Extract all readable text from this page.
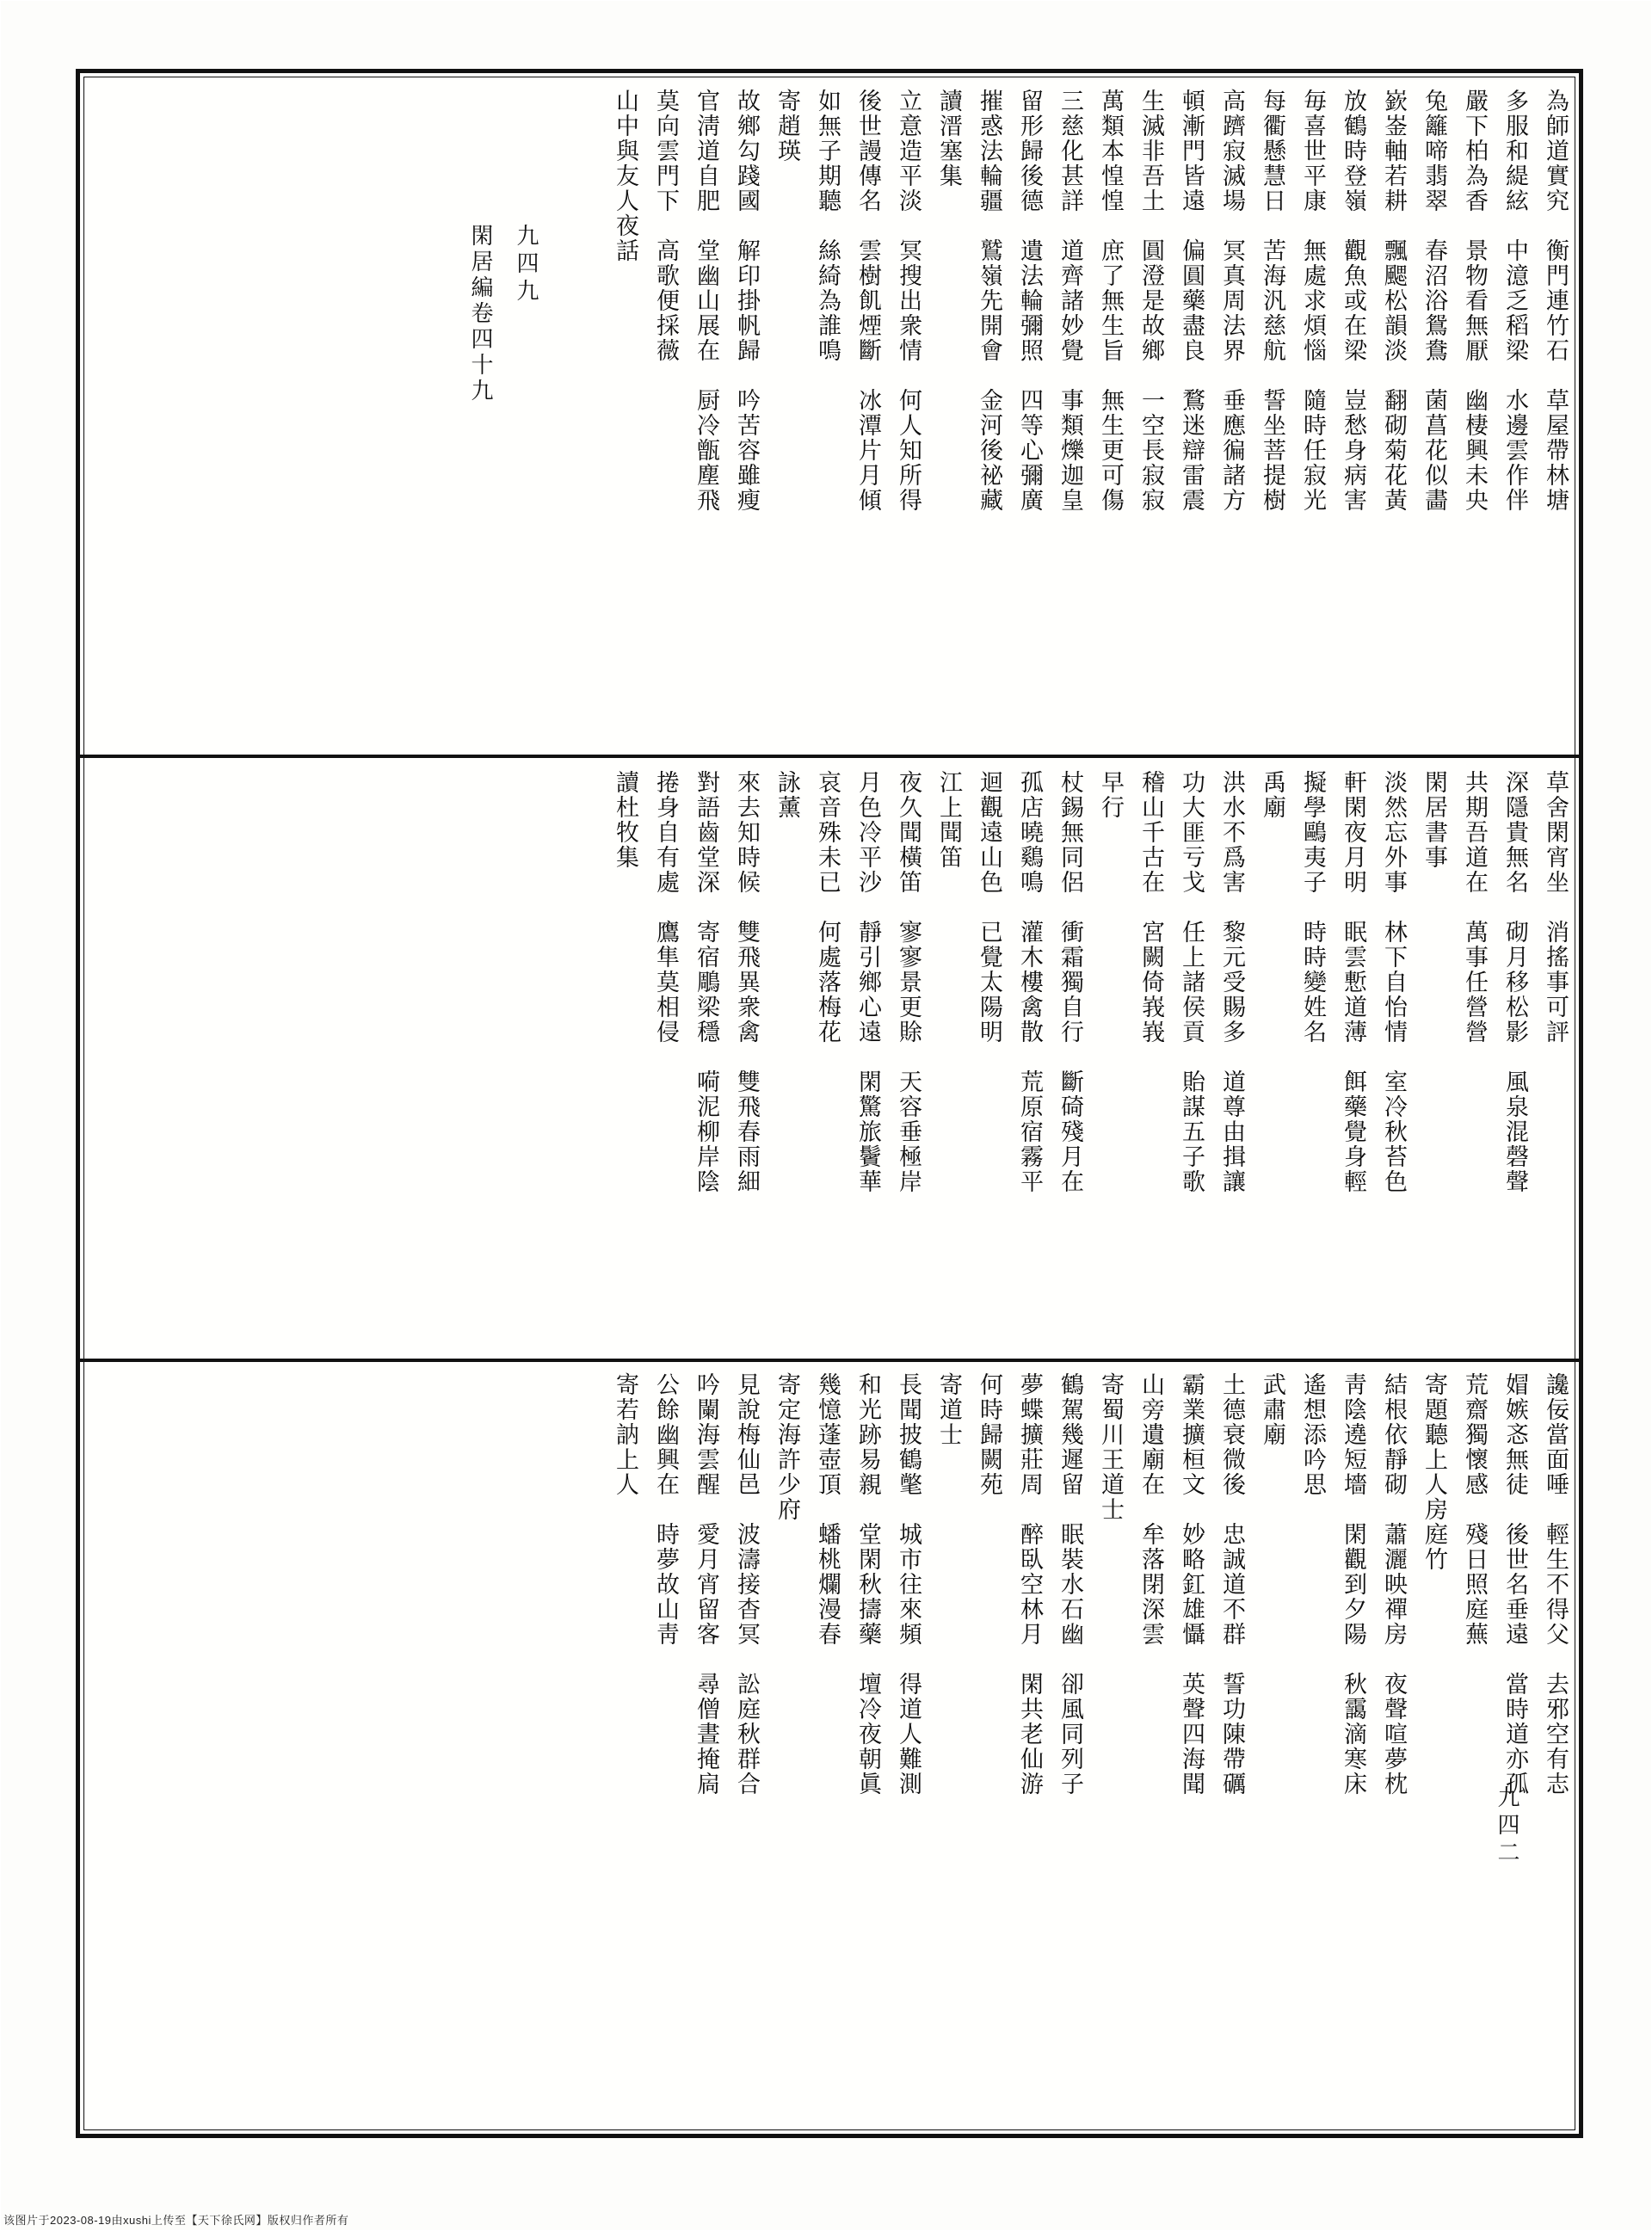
九四九
閑居編卷四十九
九四二
為師道實究　衡門連竹石　草屋帶林塘
多服和緹絃　中澺乏稻梁　水邊雲作伴
嚴下柏為香　景物看無厭　幽棲興未央
兔籬啼翡翠　春沼浴鴛鴦　菌菖花似畵
嶔崟軸若耕　飄颸松韻淡　翻砌菊花黃
放鶴時登嶺　觀魚或在梁　豈愁身病害
毎喜世平康　無處求煩惱　隨時任寂光
每衢懸慧日　苦海汎慈航　誓坐菩提樹
高躋寂滅場　冥真周法界　垂應徧諸方
頓漸門皆遠　偏圓藥盡良　鶩迷辯雷震
生滅非吾土　圓澄是故鄉　一空長寂寂
萬類本惶惶　庶了無生旨　無生更可傷
三慈化甚詳　道齊諸妙覺　事類爍迦皇
留形歸後德　遺法輪彌照　四等心彌廣
摧惑法輪疆　鷲嶺先開會　金河後祕藏
讀溍塞集　　　　　　
立意造平淡　冥搜出衆情　何人知所得
後世謾傳名　雲樹飢煙斷　冰潭片月傾
如無子期聽　絲綺為誰鳴　　
寄趙瑛　　　　　　
故鄉勾踐國　解印掛帆歸　吟苦容雖瘦
官淸道自肥　堂幽山展在　厨冷甑塵飛
莫向雲門下　高歌便採薇　　
山中與友人夜話
草舍閑宵坐　消搖事可評　　
深隱貴無名　砌月移松影　風泉混磬聲
共期吾道在　萬事任營營　　
閑居書事　　　　　
淡然忘外事　林下自怡情　室冷秋苔色
軒閑夜月明　眠雲慙道薄　餌藥覺身輕
擬學鷗夷子　時時變姓名　　
禹廟　　　　　　
洪水不爲害　黎元受賜多　道尊由揖讓
功大匪亏戈　任上諸侯貢　貽謀五子歌
稽山千古在　宮闕倚峩峩　　
早行　　　　　　
杖錫無同侶　衝霜獨自行　斷碕殘月在
孤店曉鷄鳴　灌木樓禽散　荒原宿霧平
迴觀遠山色　已覺太陽明　　
江上聞笛　　　　　
夜久聞橫笛　寥寥景更賖　天容垂極岸
月色冷平沙　靜引鄉心遠　閑驚旅鬢華
哀音殊未已　何處落梅花　　
詠薰　　　　　　
來去知時候　雙飛異衆禽　雙飛春雨細
對語齒堂深　寄宿鵰梁穩　嗬泥柳岸陰
捲身自有處　鷹隼莫相侵　　
讀杜牧集
讒佞當面唾　輕生不得父　去邪空有志
媢嫉忞無徒　後世名垂遠　當時道亦孤
荒齋獨懷感　殘日照庭蕪　　
寄題聽上人房庭竹　　
結根依靜砌　蕭灑映禪房　夜聲喧夢枕
靑陰遶短墻　閑觀到夕陽　秋靄滴寒床
遙想添吟思　　　　
武肅廟　　　　　　
土德衰微後　忠誠道不群　誓功陳帶礪
霸業擴桓文　妙略釭雄懾　英聲四海聞
山旁遺廟在　牟落閉深雲　　
寄蜀川王道士　　　　
鶴駕幾遲留　眠裝水石幽　卻風同列子
夢蝶擴莊周　醉臥空林月　閑共老仙游
何時歸闕苑　　　　
寄道士　　　　　　
長聞披鶴氅　城市往來頻　得道人難測
和光跡易親　堂閑秋擣藥　壇冷夜朝眞
幾憶蓬壺頂　蟠桃爛漫春　　
寄定海許少府　　　　
見說梅仙邑　波濤接杳冥　訟庭秋群合
吟闌海雲醒　愛月宵留客　尋僧晝掩扄
公餘幽興在　時夢故山靑　　
寄若訥上人
该图片于2023-08-19由xushi上传至【天下徐氏网】版权归作者所有
